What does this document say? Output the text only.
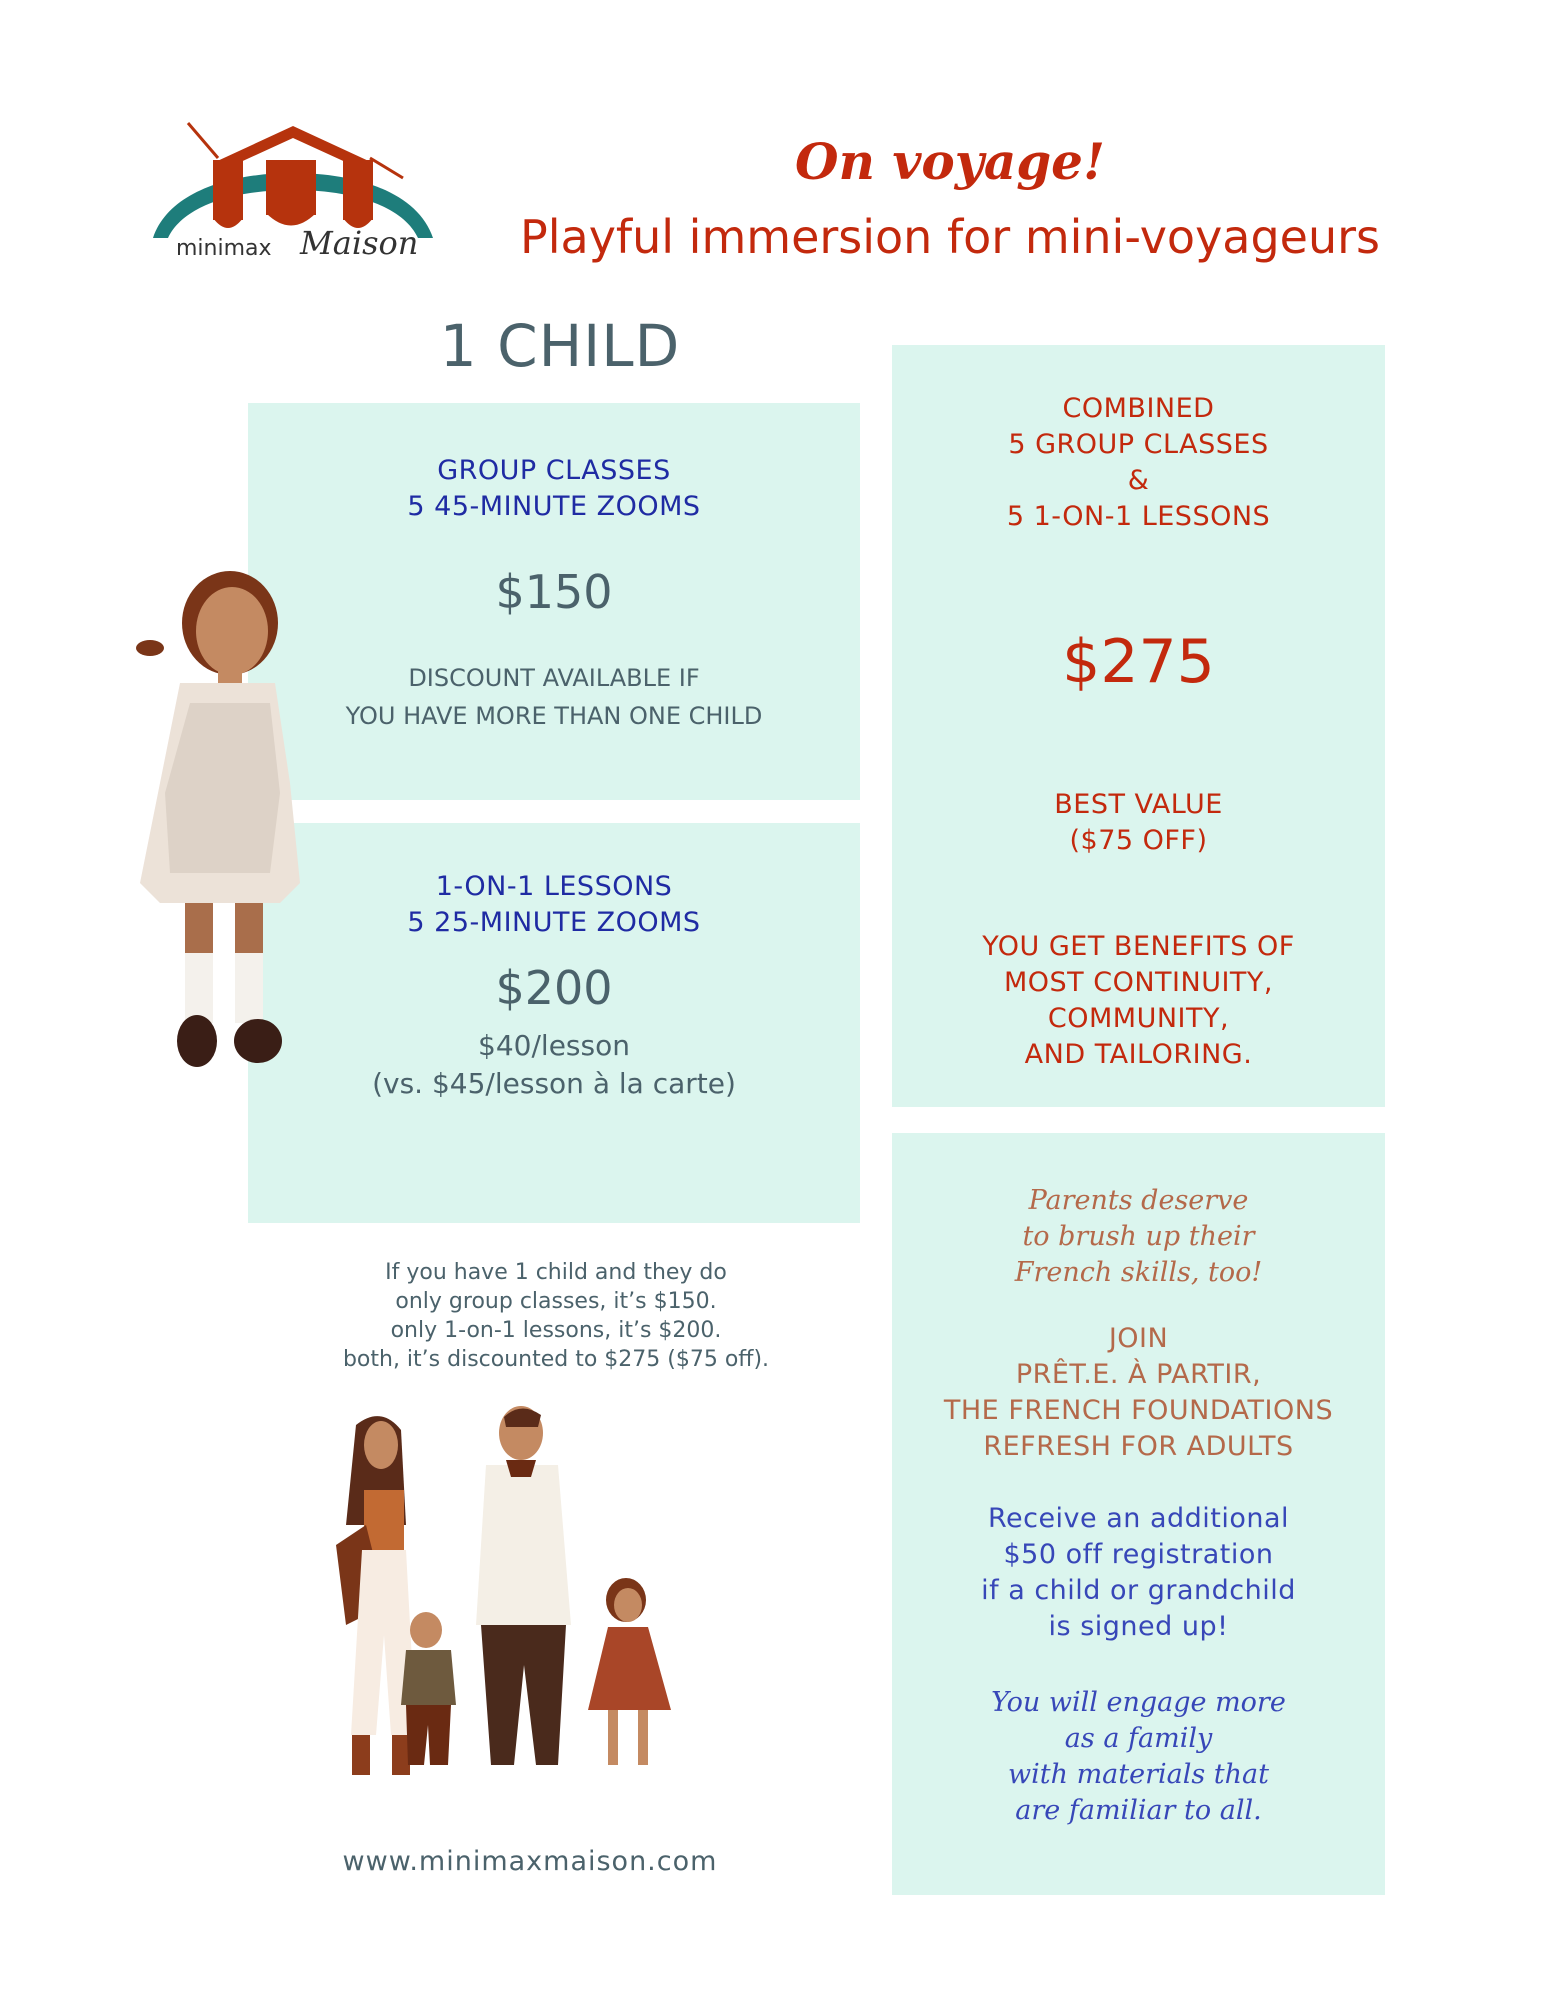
minimax Maison
On voyage!
Playful immersion for mini-voyageurs
1 CHILD
GROUP CLASSES
5 45-MINUTE ZOOMS
$150
DISCOUNT AVAILABLE IF
YOU HAVE MORE THAN ONE CHILD
1-ON-1 LESSONS
5 25-MINUTE ZOOMS
$200
$40/lesson
(vs. $45/lesson à la carte)
COMBINED
5 GROUP CLASSES
&
5 1-ON-1 LESSONS
$275
BEST VALUE
($75 OFF)
YOU GET BENEFITS OF
MOST CONTINUITY,
COMMUNITY,
AND TAILORING.
Parents deserve
to brush up their
French skills, too!
JOIN
PRÊT.E. À PARTIR,
THE FRENCH FOUNDATIONS
REFRESH FOR ADULTS
Receive an additional
$50 off registration
if a child or grandchild
is signed up!
You will engage more
as a family
with materials that
are familiar to all.
If you have 1 child and they do
only group classes, it’s $150.
only 1-on-1 lessons, it’s $200.
both, it’s discounted to $275 ($75 off).
www.minimaxmaison.com
